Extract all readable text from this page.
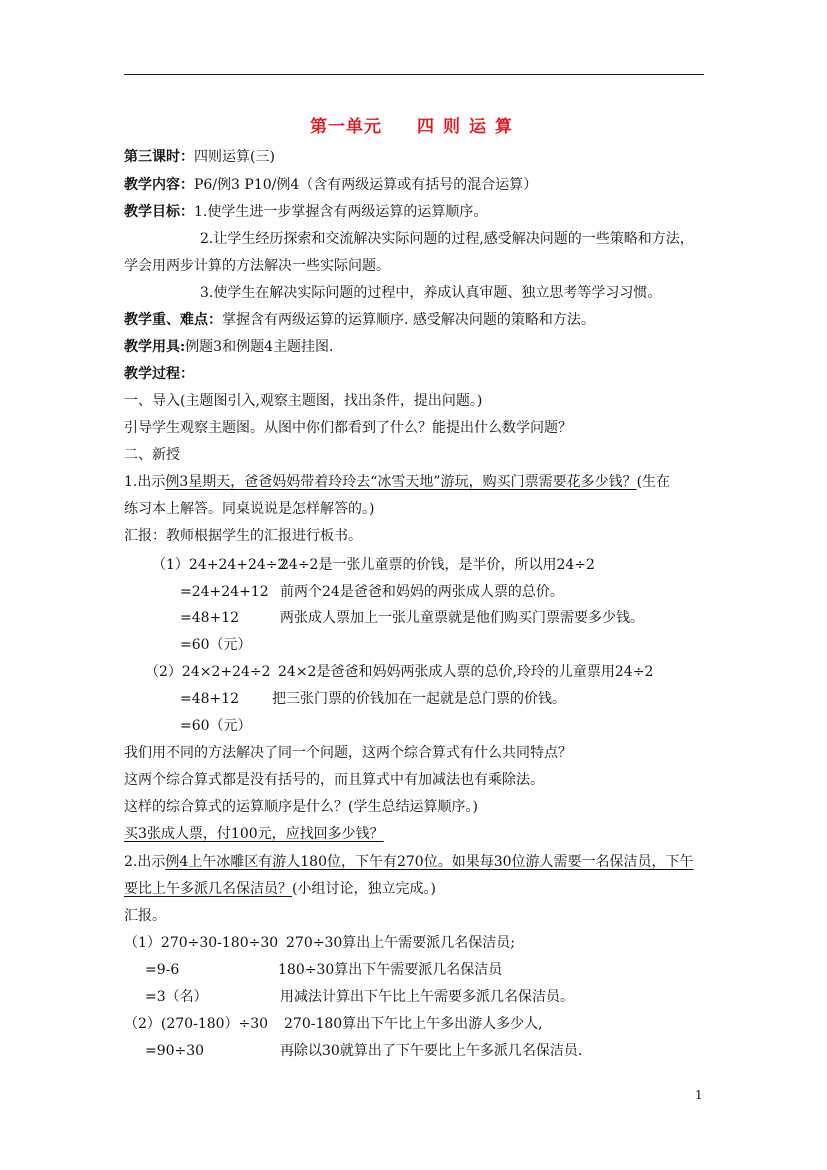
第一单元 四 则 运 算
第三课时：四则运算(三)
教学内容：P6/例3 P10/例4（含有两级运算或有括号的混合运算）
教学目标：1.使学生进一步掌握含有两级运算的运算顺序。
2.让学生经历探索和交流解决实际问题的过程,感受解决问题的一些策略和方法，
学会用两步计算的方法解决一些实际问题。
3.使学生在解决实际问题的过程中，养成认真审题、独立思考等学习习惯。
教学重、难点：掌握含有两级运算的运算顺序. 感受解决问题的策略和方法。
教学用具:例题3和例题4主题挂图.
教学过程：
一、导入(主题图引入,观察主题图，找出条件，提出问题。)
引导学生观察主题图。从图中你们都看到了什么？能提出什么数学问题？
二、新授
1.出示例3星期天，爸爸妈妈带着玲玲去“冰雪天地”游玩，购买门票需要花多少钱？(生在
练习本上解答。同桌说说是怎样解答的。)
汇报：教师根据学生的汇报进行板书。
（1）24+24+24÷2
24÷2是一张儿童票的价钱，是半价，所以用24÷2
=24+24+12 前两个24是爸爸和妈妈的两张成人票的总价。
=48+12	两张成人票加上一张儿童票就是他们购买门票需要多少钱。
=60（元）
（2）24×2+24÷2 24×2是爸爸和妈妈两张成人票的总价,玲玲的儿童票用24÷2
=48+12 把三张门票的价钱加在一起就是总门票的价钱。
=60（元）
我们用不同的方法解决了同一个问题，这两个综合算式有什么共同特点？
这两个综合算式都是没有括号的，而且算式中有加减法也有乘除法。
这样的综合算式的运算顺序是什么？(学生总结运算顺序。)
买3张成人票，付100元，应找回多少钱？
2.出示例4上午冰雕区有游人180位，下午有270位。如果每30位游人需要一名保洁员，下午
要比上午多派几名保洁员？(小组讨论，独立完成。)
汇报。
（1）270÷30-180÷30 270÷30算出上午需要派几名保洁员;
=9-6	180÷30算出下午需要派几名保洁员
=3（名）	用减法计算出下午比上午需要多派几名保洁员。
（2）(270-180）÷30 270-180算出下午比上午多出游人多少人,
=90÷30	再除以30就算出了下午要比上午多派几名保洁员.
1
